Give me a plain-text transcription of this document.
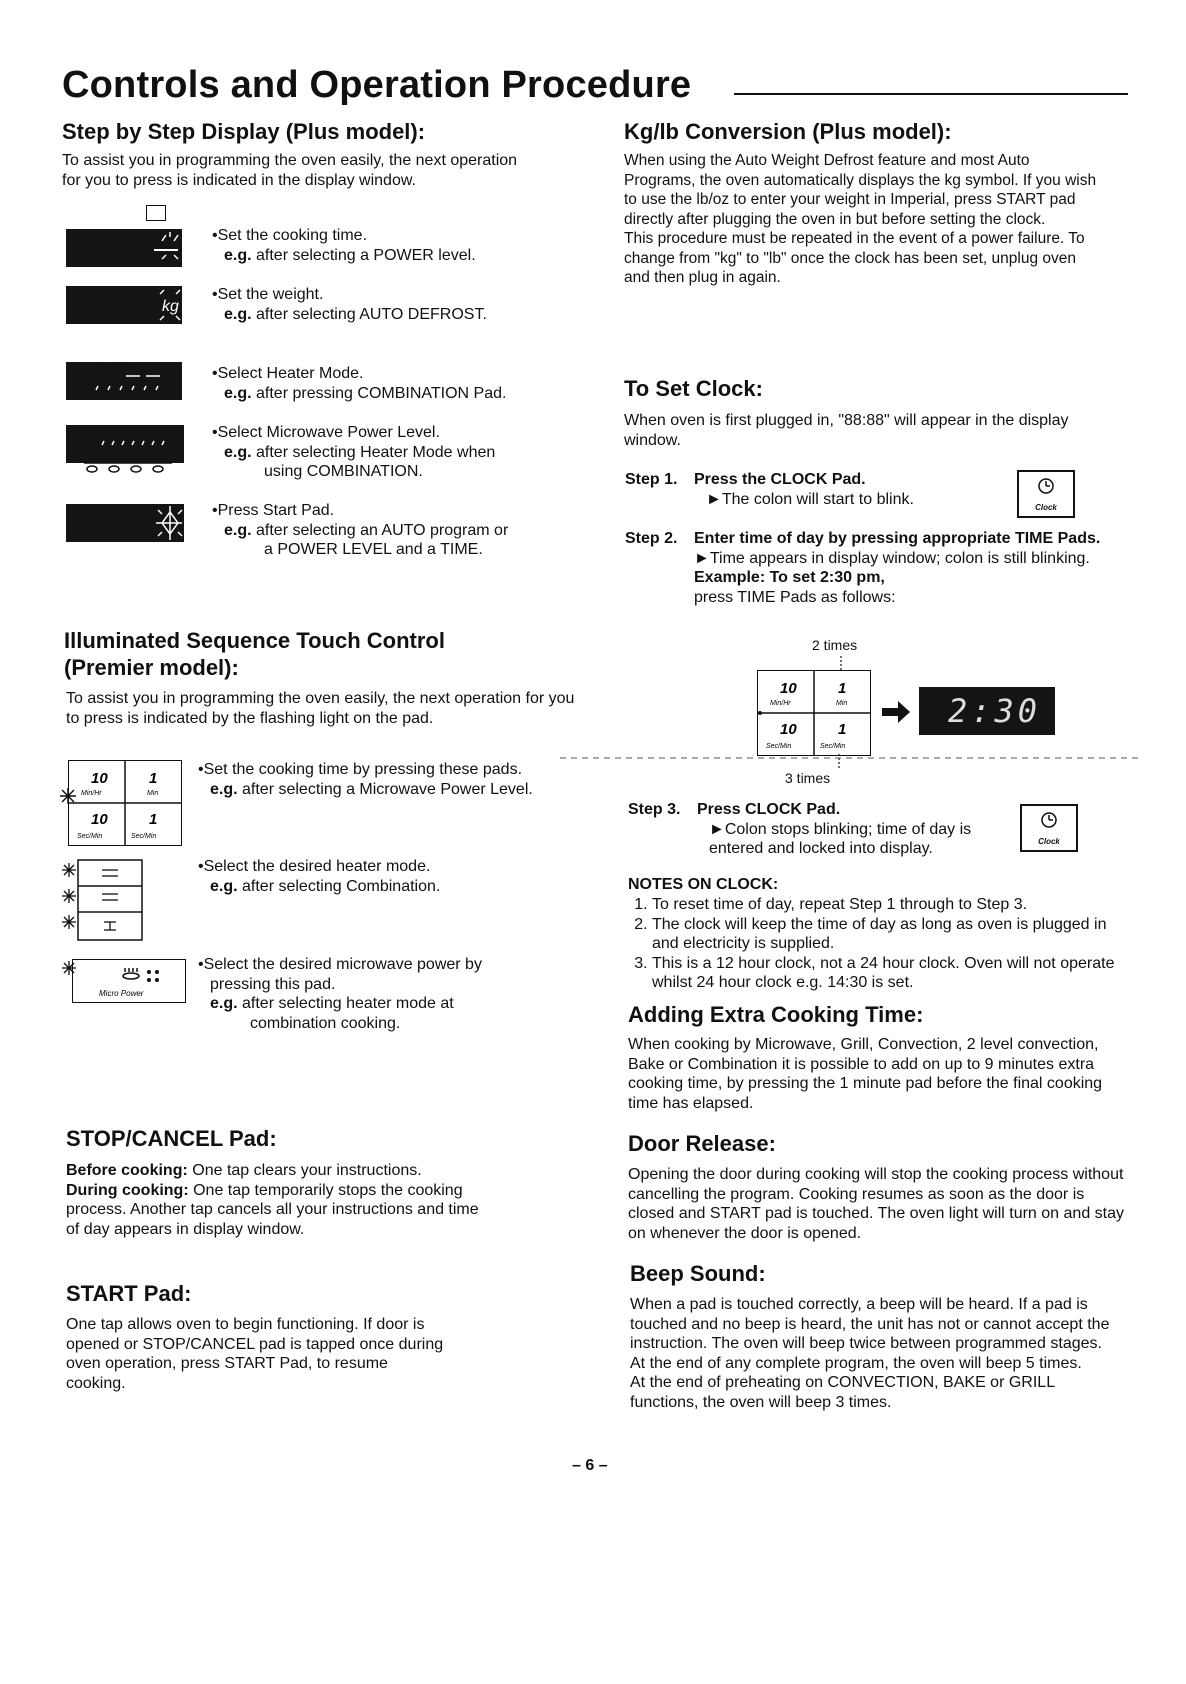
Controls and Operation Procedure
Step by Step Display (Plus model):

To assist you in programming the oven easily, the next operation for you to press is indicated in the display window.

•Set the cooking time.
e.g. after selecting a POWER level.
kg
•Set the weight.
e.g. after selecting AUTO DEFROST.
•Select Heater Mode.
e.g. after pressing COMBINATION Pad.
•Select Microwave Power Level.
e.g. after selecting Heater Mode when
using COMBINATION.
•Press Start Pad.
e.g. after selecting an AUTO program or
a POWER LEVEL and a TIME.
Illuminated Sequence Touch Control
(Premier model):

To assist you in programming the oven easily, the next operation for you to press is indicated by the flashing light on the pad.

10
Min/Hr
1
Min
10
Sec/Min
1
Sec/Min
•Set the cooking time by pressing these pads.
e.g. after selecting a Microwave Power Level.
•Select the desired heater mode.
e.g. after selecting Combination.
Micro Power
•Select the desired microwave power by
pressing this pad.
e.g. after selecting heater mode at
combination cooking.
STOP/CANCEL Pad:

Before cooking: One tap clears your instructions.
During cooking: One tap temporarily stops the cooking process. Another tap cancels all your instructions and time of day appears in display window.

START Pad:

One tap allows oven to begin functioning. If door is opened or STOP/CANCEL pad is tapped once during oven operation, press START Pad, to resume cooking.

Kg/lb Conversion (Plus model):

When using the Auto Weight Defrost feature and most Auto Programs, the oven automatically displays the kg symbol. If you wish to use the lb/oz to enter your weight in Imperial, press START pad directly after plugging the oven in but before setting the clock.
This procedure must be repeated in the event of a power failure. To change from "kg" to "lb" once the clock has been set, unplug oven and then plug in again.

To Set Clock:

When oven is first plugged in, "88:88" will appear in the display window.

Step 1. Press the CLOCK Pad.
►The colon will start to blink.	Clock
Step 2. Enter time of day by pressing appropriate TIME Pads.
►Time appears in display window; colon is still blinking.
Example: To set 2:30 pm,
press TIME Pads as follows:
2 times
10
Min/Hr
1
Min
10
Sec/Min
1
Sec/Min
3 times
2:30
Step 3. Press CLOCK Pad.
►Colon stops blinking; time of day is entered and locked into display.	Clock
NOTES ON CLOCK:
1. To reset time of day, repeat Step 1 through to Step 3.
2. The clock will keep the time of day as long as oven is plugged in and electricity is supplied.
3. This is a 12 hour clock, not a 24 hour clock. Oven will not operate whilst 24 hour clock e.g. 14:30 is set.
Adding Extra Cooking Time:

When cooking by Microwave, Grill, Convection, 2 level convection, Bake or Combination it is possible to add on up to 9 minutes extra cooking time, by pressing the 1 minute pad before the final cooking time has elapsed.

Door Release:

Opening the door during cooking will stop the cooking process without cancelling the program. Cooking resumes as soon as the door is closed and START pad is touched. The oven light will turn on and stay on whenever the door is opened.

Beep Sound:

When a pad is touched correctly, a beep will be heard. If a pad is touched and no beep is heard, the unit has not or cannot accept the instruction. The oven will beep twice between programmed stages. At the end of any complete program, the oven will beep 5 times.
At the end of preheating on CONVECTION, BAKE or GRILL functions, the oven will beep 3 times.

– 6 –
